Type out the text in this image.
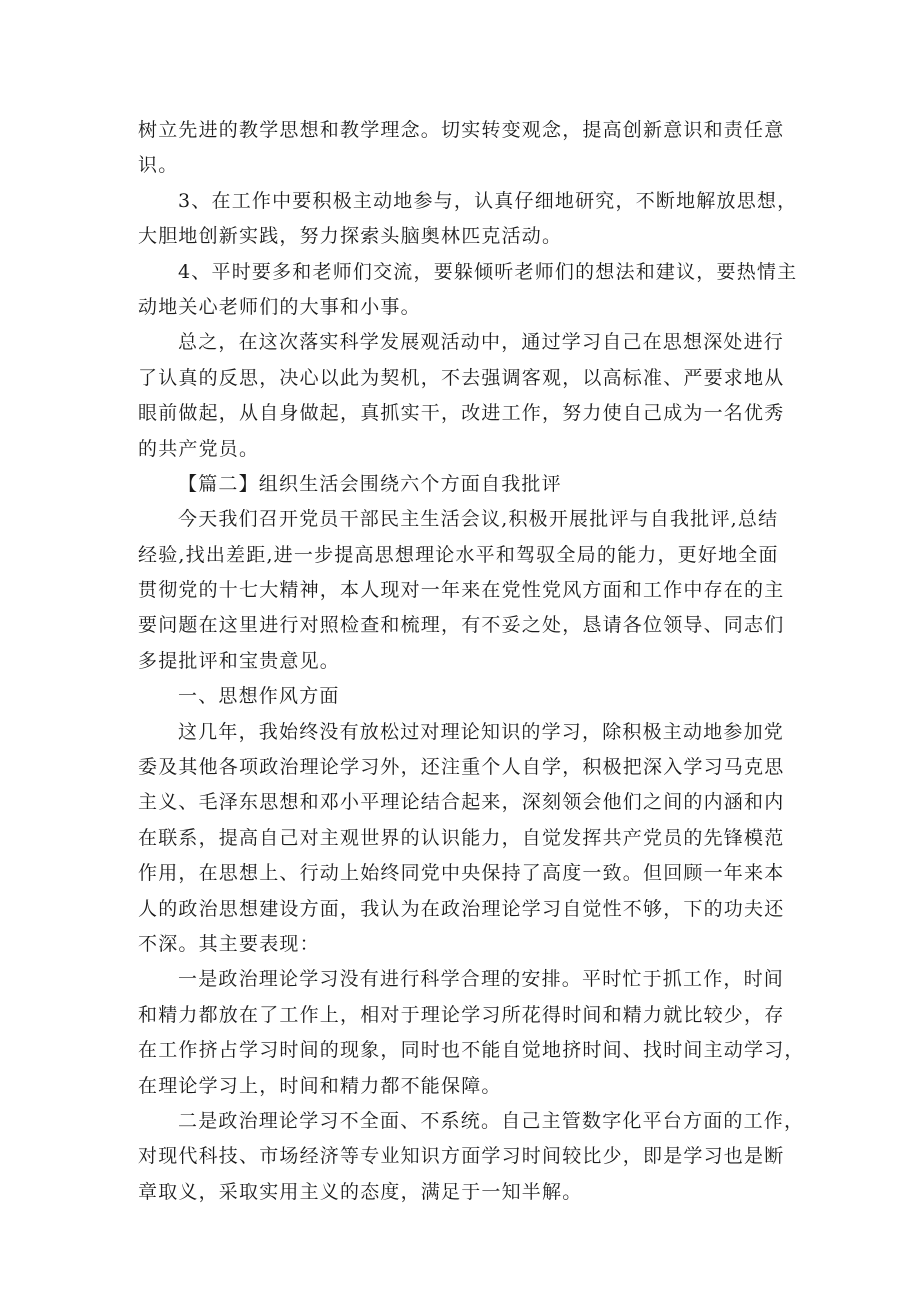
树立先进的教学思想和教学理念。切实转变观念，提高创新意识和责任意
识。
3、在工作中要积极主动地参与，认真仔细地研究，不断地解放思想，
大胆地创新实践，努力探索头脑奥林匹克活动。
4、平时要多和老师们交流，要躲倾听老师们的想法和建议，要热情主
动地关心老师们的大事和小事。
总之，在这次落实科学发展观活动中，通过学习自己在思想深处进行
了认真的反思，决心以此为契机，不去强调客观，以高标准、严要求地从
眼前做起，从自身做起，真抓实干，改进工作，努力使自己成为一名优秀
的共产党员。
【篇二】组织生活会围绕六个方面自我批评
今天我们召开党员干部民主生活会议,积极开展批评与自我批评,总结
经验,找出差距,进一步提高思想理论水平和驾驭全局的能力，更好地全面
贯彻党的十七大精神，本人现对一年来在党性党风方面和工作中存在的主
要问题在这里进行对照检查和梳理，有不妥之处，恳请各位领导、同志们
多提批评和宝贵意见。
一、思想作风方面
这几年，我始终没有放松过对理论知识的学习，除积极主动地参加党
委及其他各项政治理论学习外，还注重个人自学，积极把深入学习马克思
主义、毛泽东思想和邓小平理论结合起来，深刻领会他们之间的内涵和内
在联系，提高自己对主观世界的认识能力，自觉发挥共产党员的先锋模范
作用，在思想上、行动上始终同党中央保持了高度一致。但回顾一年来本
人的政治思想建设方面，我认为在政治理论学习自觉性不够，下的功夫还
不深。其主要表现：
一是政治理论学习没有进行科学合理的安排。平时忙于抓工作，时间
和精力都放在了工作上，相对于理论学习所花得时间和精力就比较少，存
在工作挤占学习时间的现象，同时也不能自觉地挤时间、找时间主动学习，
在理论学习上，时间和精力都不能保障。
二是政治理论学习不全面、不系统。自己主管数字化平台方面的工作，
对现代科技、市场经济等专业知识方面学习时间较比少，即是学习也是断
章取义，采取实用主义的态度，满足于一知半解。
